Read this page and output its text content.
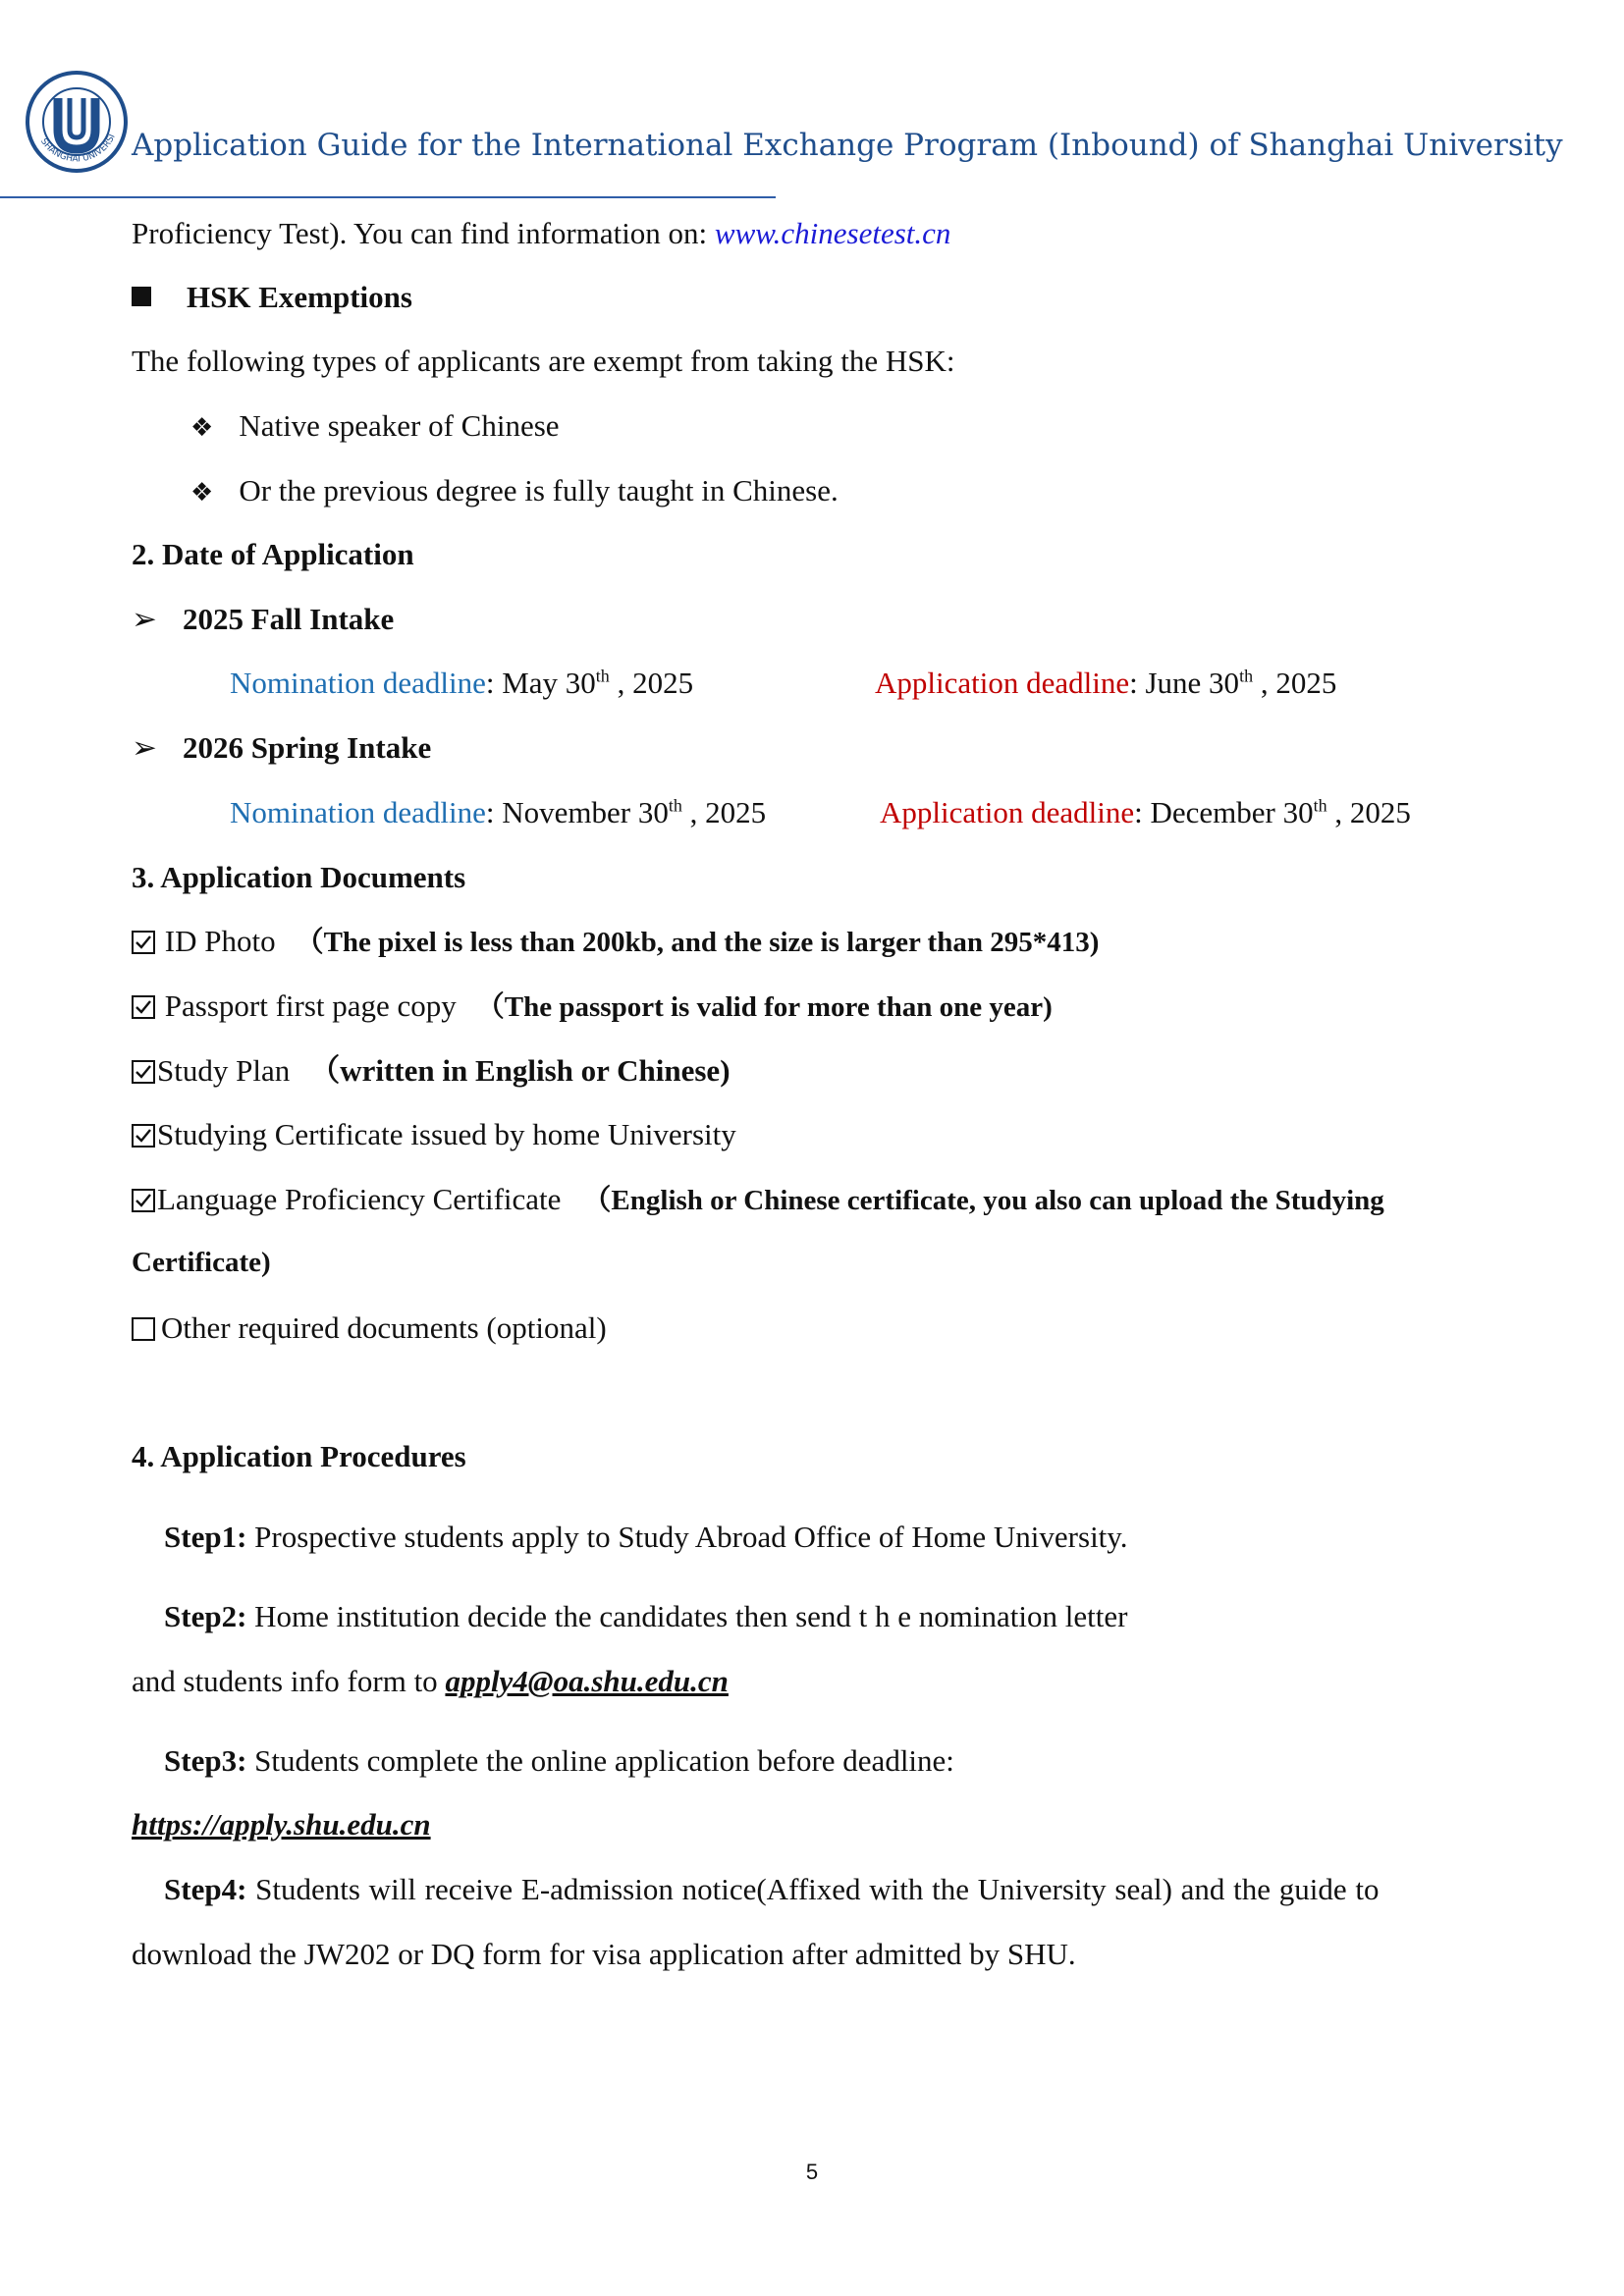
SHANGHAI UNIVERSI Application Guide for the International Exchange Program (Inbound) of Shanghai University
Proficiency Test). You can find information on: www.chinesetest.cn
HSK Exemptions
The following types of applicants are exempt from taking the HSK:
❖ Native speaker of Chinese
❖ Or the previous degree is fully taught in Chinese.
2. Date of Application
➢ 2025 Fall Intake
Nomination deadline: May 30th , 2025	Application deadline: June 30th , 2025
➢ 2026 Spring Intake
Nomination deadline: November 30th , 2025	Application deadline: December 30th , 2025
3. Application Documents
ID Photo （The pixel is less than 200kb, and the size is larger than 295*413)
Passport first page copy （The passport is valid for more than one year)
Study Plan （written in English or Chinese)
Studying Certificate issued by home University
Language Proficiency Certificate （English or Chinese certificate, you also can upload the Studying
Certificate)
Other required documents (optional)
4. Application Procedures
Step1: Prospective students apply to Study Abroad Office of Home University.
Step2: Home institution decide the candidates then send t h e nomination letter
and students info form to apply4@oa.shu.edu.cn
Step3: Students complete the online application before deadline:
https://apply.shu.edu.cn
Step4: Students will receive E-admission notice(Affixed with the University seal) and the guide to
download the JW202 or DQ form for visa application after admitted by SHU.
5
